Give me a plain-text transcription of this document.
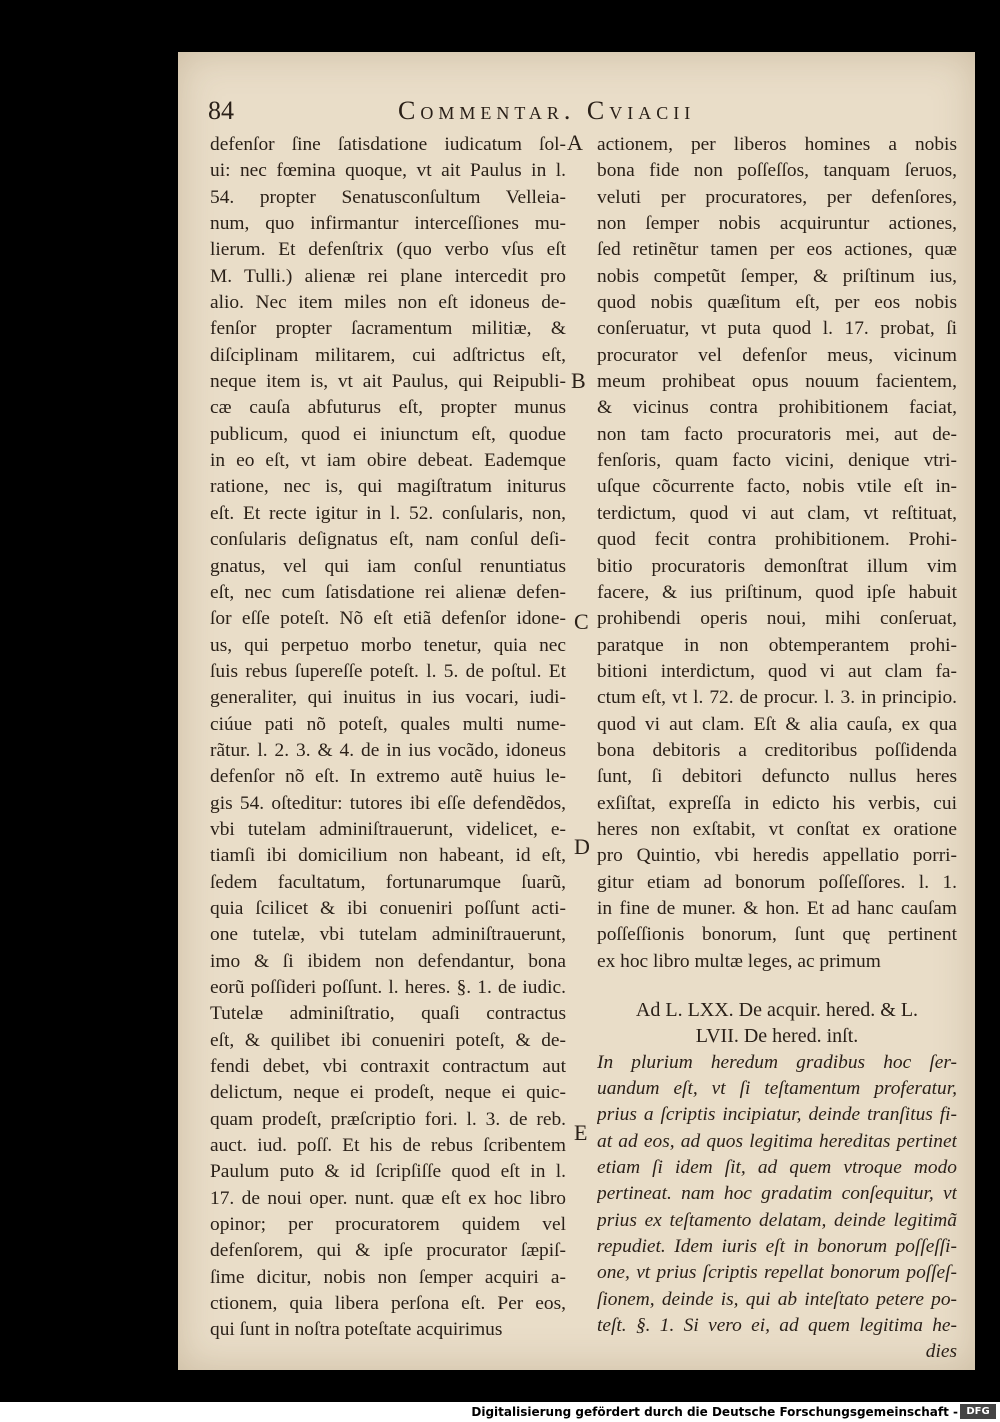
84	Commentar. Cviacii
defenſor ſine ſatisdatione iudicatum ſol-
ui: nec fœmina quoque, vt ait Paulus in l.
54. propter Senatusconſultum Velleia-
num, quo infirmantur interceſſiones mu-
lierum. Et defenſtrix (quo verbo vſus eſt
M. Tulli.) alienæ rei plane intercedit pro
alio. Nec item miles non eſt idoneus de-
fenſor propter ſacramentum militiæ, &
diſciplinam militarem, cui adſtrictus eſt,
neque item is, vt ait Paulus, qui Reipubli-
cæ cauſa abfuturus eſt, propter munus
publicum, quod ei iniunctum eſt, quodue
in eo eſt, vt iam obire debeat. Eademque
ratione, nec is, qui magiſtratum initurus
eſt. Et recte igitur in l. 52. conſularis, non,
conſularis deſignatus eſt, nam conſul deſi-
gnatus, vel qui iam conſul renuntiatus
eſt, nec cum ſatisdatione rei alienæ defen-
ſor eſſe poteſt. Nõ eſt etiã defenſor idone-
us, qui perpetuo morbo tenetur, quia nec
ſuis rebus ſupereſſe poteſt. l. 5. de poſtul. Et
generaliter, qui inuitus in ius vocari, iudi-
ciúue pati nõ poteſt, quales multi nume-
rãtur. l. 2. 3. & 4. de in ius vocãdo, idoneus
defenſor nõ eſt. In extremo autẽ huius le-
gis 54. oſteditur: tutores ibi eſſe defendẽdos,
vbi tutelam adminiſtrauerunt, videlicet, e-
tiamſi ibi domicilium non habeant, id eſt,
ſedem facultatum, fortunarumque ſuarũ,
quia ſcilicet & ibi conueniri poſſunt acti-
one tutelæ, vbi tutelam adminiſtrauerunt,
imo & ſi ibidem non defendantur, bona
eorũ poſſideri poſſunt. l. heres. §. 1. de iudic.
Tutelæ adminiſtratio, quaſi contractus
eſt, & quilibet ibi conueniri poteſt, & de-
fendi debet, vbi contraxit contractum aut
delictum, neque ei prodeſt, neque ei quic-
quam prodeſt, præſcriptio fori. l. 3. de reb.
auct. iud. poſſ. Et his de rebus ſcribentem
Paulum puto & id ſcripſiſſe quod eſt in l.
17. de noui oper. nunt. quæ eſt ex hoc libro
opinor; per procuratorem quidem vel
defenſorem, qui & ipſe procurator ſæpiſ-
ſime dicitur, nobis non ſemper acquiri a-
ctionem, quia libera perſona eſt. Per eos,
qui ſunt in noſtra poteſtate acquirimus
A
B
C
D
E
actionem, per liberos homines a nobis
bona fide non poſſeſſos, tanquam ſeruos,
veluti per procuratores, per defenſores,
non ſemper nobis acquiruntur actiones,
ſed retinẽtur tamen per eos actiones, quæ
nobis competũt ſemper, & priſtinum ius,
quod nobis quæſitum eſt, per eos nobis
conſeruatur, vt puta quod l. 17. probat, ſi
procurator vel defenſor meus, vicinum
meum prohibeat opus nouum facientem,
& vicinus contra prohibitionem faciat,
non tam facto procuratoris mei, aut de-
fenſoris, quam facto vicini, denique vtri-
uſque cõcurrente facto, nobis vtile eſt in-
terdictum, quod vi aut clam, vt reſtituat,
quod fecit contra prohibitionem. Prohi-
bitio procuratoris demonſtrat illum vim
facere, & ius priſtinum, quod ipſe habuit
prohibendi operis noui, mihi conſeruat,
paratque in non obtemperantem prohi-
bitioni interdictum, quod vi aut clam fa-
ctum eſt, vt l. 72. de procur. l. 3. in principio.
quod vi aut clam. Eſt & alia cauſa, ex qua
bona debitoris a creditoribus poſſidenda
ſunt, ſi debitori defuncto nullus heres
exſiſtat, expreſſa in edicto his verbis, cui
heres non exſtabit, vt conſtat ex oratione
pro Quintio, vbi heredis appellatio porri-
gitur etiam ad bonorum poſſeſſores. l. 1.
in fine de muner. & hon. Et ad hanc cauſam
poſſeſſionis bonorum, ſunt quę pertinent
ex hoc libro multæ leges, ac primum
Ad L. LXX. De acquir. hered. & L.
LVII. De hered. inſt.
In plurium heredum gradibus hoc ſer-
uandum eſt, vt ſi teſtamentum proferatur,
prius a ſcriptis incipiatur, deinde tranſitus fi-
at ad eos, ad quos legitima hereditas pertinet
etiam ſi idem ſit, ad quem vtroque modo
pertineat. nam hoc gradatim conſequitur, vt
prius ex teſtamento delatam, deinde legitimã
repudiet. Idem iuris eſt in bonorum poſſeſſi-
one, vt prius ſcriptis repellat bonorum poſſeſ-
ſionem, deinde is, qui ab inteſtato petere po-
teſt. §. 1. Si vero ei, ad quem legitima he-
dies
Digitalisierung gefördert durch die Deutsche Forschungsgemeinschaft - DFG
